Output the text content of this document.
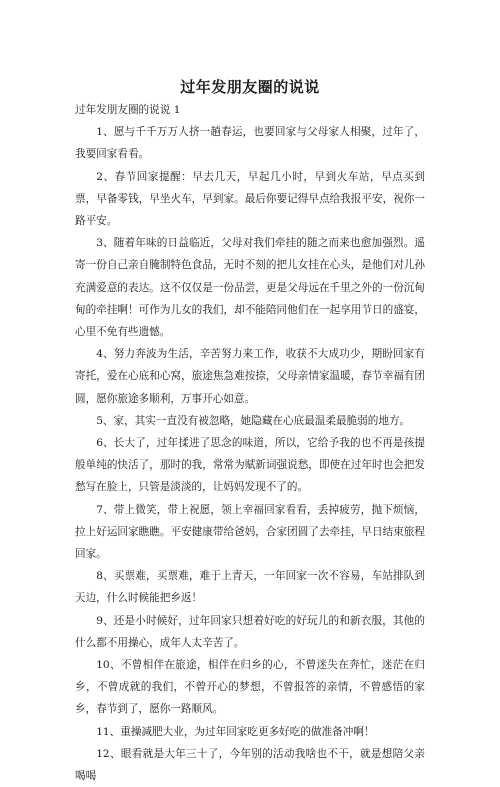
过年发朋友圈的说说

过年发朋友圈的说说 1

1、愿与千千万万人挤一趟春运，也要回家与父母家人相聚，过年了，我要回家看看。

2、春节回家提醒：早去几天，早起几小时，早到火车站，早点买到票，早备零钱，早坐火车，早到家。最后你要记得早点给我报平安，祝你一路平安。

3、随着年味的日益临近，父母对我们牵挂的随之而来也愈加强烈。遥寄一份自己亲自腌制特色食品，无时不刻的把儿女挂在心头，是他们对儿孙充满爱意的表达。这不仅仅是一份品尝，更是父母远在千里之外的一份沉甸甸的牵挂啊！可作为儿女的我们，却不能陪同他们在一起享用节日的盛宴，心里不免有些遗憾。

4、努力奔波为生活，辛苦努力来工作，收获不大成功少，期盼回家有寄托，爱在心底和心窝，旅途焦急难按捺，父母亲情家温暖，春节幸福有团圆，愿你旅途多顺利，万事开心如意。

5、家，其实一直没有被忽略，她隐藏在心底最温柔最脆弱的地方。

6、长大了，过年揉进了思念的味道，所以，它给予我的也不再是孩提般单纯的快活了，那时的我，常常为赋新词强说愁，即使在过年时也会把发愁写在脸上，只管是淡淡的，让妈妈发现不了的。

7、带上微笑，带上祝愿，领上幸福回家看看，丢掉疲劳，抛下烦恼，拉上好运回家瞧瞧。平安健康带给爸妈，合家团圆了去牵挂，早日结束旅程回家。

8、买票难，买票难，难于上青天，一年回家一次不容易，车站排队到天边，什么时候能把乡返！

9、还是小时候好，过年回家只想着好吃的好玩儿的和新衣服，其他的什么都不用操心，成年人太辛苦了。

10、不曾相伴在旅途，相伴在归乡的心，不曾迷失在奔忙，迷茫在归乡，不曾成就的我们，不曾开心的梦想，不曾报答的亲情，不曾感悟的家乡，春节到了，愿你一路顺风。

11、重操减肥大业，为过年回家吃更多好吃的做准备冲啊！

12、眼看就是大年三十了，今年别的活动我啥也不干，就是想陪父亲喝喝
